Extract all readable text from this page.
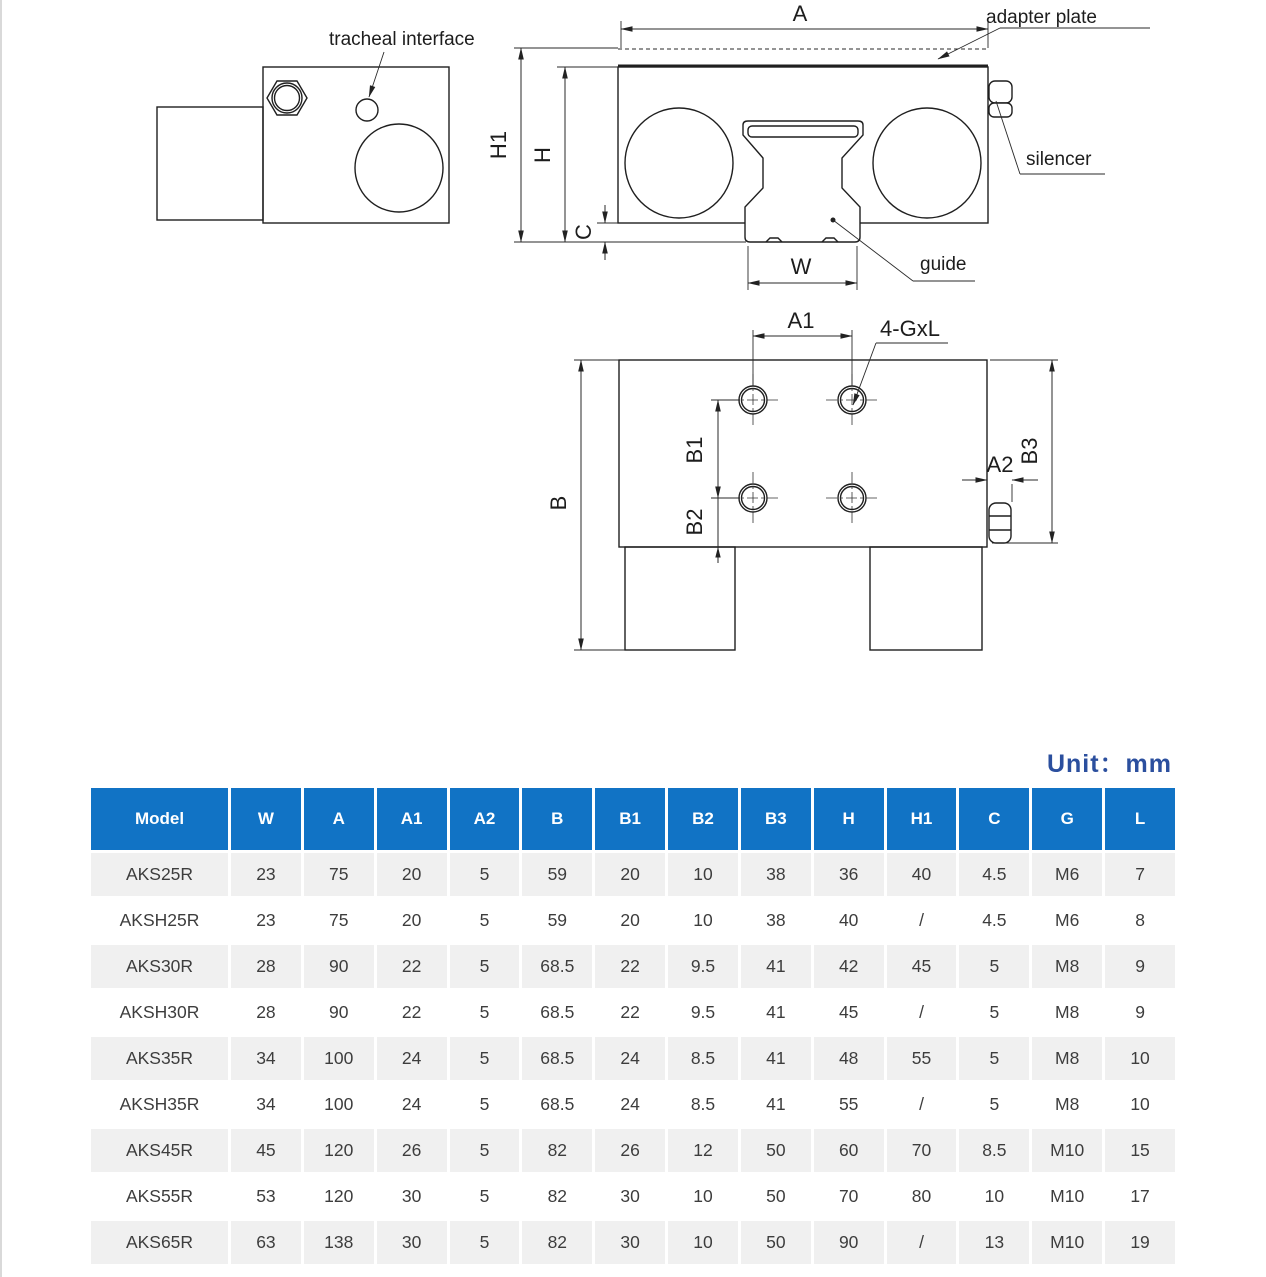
tracheal interface
A
H1 H
C
W
adapter plate
silencer
guide
A1	4-GxL
B
B1
B2
A2
B3
Unit：mm
Model	W	A	A1	A2	B	B1	B2	B3	H	H1	C	G	L
AKS25R	23	75	20	5	59	20	10	38	36	40	4.5	M6	7
AKSH25R	23	75	20	5	59	20	10	38	40	/	4.5	M6	8
AKS30R	28	90	22	5	68.5	22	9.5	41	42	45	5	M8	9
AKSH30R	28	90	22	5	68.5	22	9.5	41	45	/	5	M8	9
AKS35R	34	100	24	5	68.5	24	8.5	41	48	55	5	M8	10
AKSH35R	34	100	24	5	68.5	24	8.5	41	55	/	5	M8	10
AKS45R	45	120	26	5	82	26	12	50	60	70	8.5	M10	15
AKS55R	53	120	30	5	82	30	10	50	70	80	10	M10	17
AKS65R	63	138	30	5	82	30	10	50	90	/	13	M10	19
